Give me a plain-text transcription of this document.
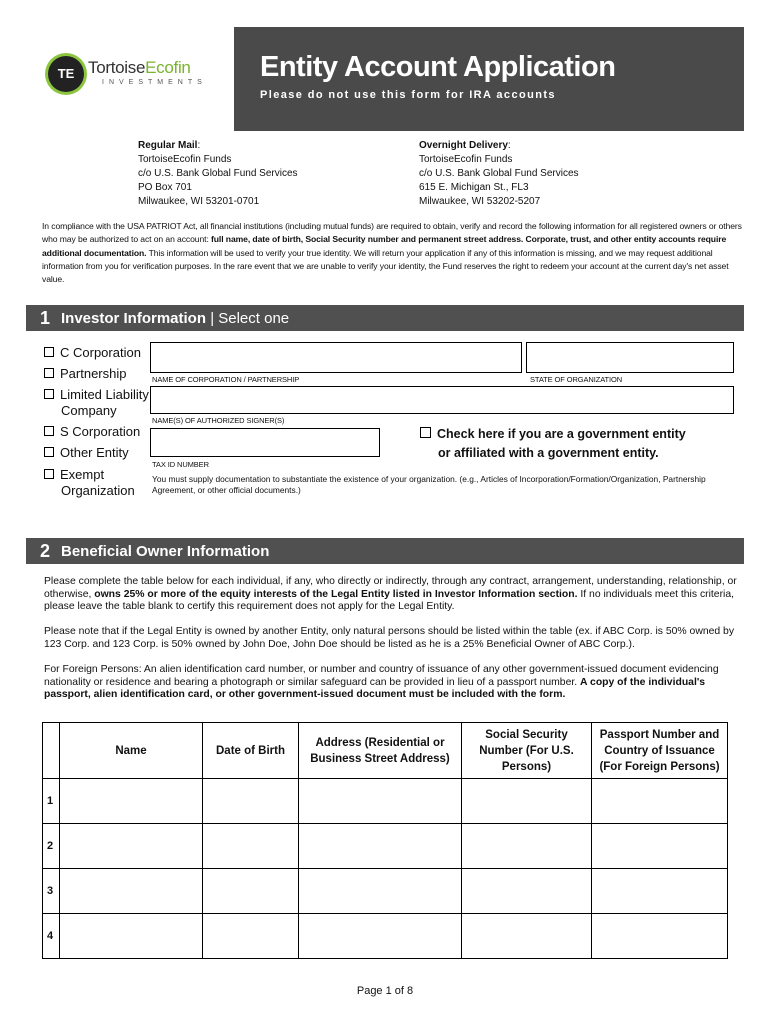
TE TortoiseEcofin
INVESTMENTS Entity Account Application
Please do not use this form for IRA accounts
Regular Mail:
TortoiseEcofin Funds
c/o U.S. Bank Global Fund Services
PO Box 701
Milwaukee, WI 53201-0701
Overnight Delivery:
TortoiseEcofin Funds
c/o U.S. Bank Global Fund Services
615 E. Michigan St., FL3
Milwaukee, WI 53202-5207
In compliance with the USA PATRIOT Act, all financial institutions (including mutual funds) are required to obtain, verify and record the following information for all registered owners or others who may be authorized to act on an account: full name, date of birth, Social Security number and permanent street address. Corporate, trust, and other entity accounts require additional documentation. This information will be used to verify your true identity. We will return your application if any of this information is missing, and we may request additional information from you for verification purposes. In the rare event that we are unable to verify your identity, the Fund reserves the right to redeem your account at the current day's net asset value.
1 Investor Information | Select one
C Corporation
Partnership
Limited Liability
Company
S Corporation
Other Entity
Exempt
Organization
NAME OF CORPORATION / PARTNERSHIP	STATE OF ORGANIZATION
NAME(S) OF AUTHORIZED SIGNER(S)
TAX ID NUMBER
Check here if you are a government entity
or affiliated with a government entity.
You must supply documentation to substantiate the existence of your organization. (e.g., Articles of Incorporation/Formation/Organization, Partnership Agreement, or other official documents.)
2 Beneficial Owner Information
Please complete the table below for each individual, if any, who directly or indirectly, through any contract, arrangement, understanding, relationship, or otherwise, owns 25% or more of the equity interests of the Legal Entity listed in Investor Information section. If no individuals meet this criteria, please leave the table blank to certify this requirement does not apply for the Legal Entity.
Please note that if the Legal Entity is owned by another Entity, only natural persons should be listed within the table (ex. if ABC Corp. is 50% owned by 123 Corp. and 123 Corp. is 50% owned by John Doe, John Doe should be listed as he is a 25% Beneficial Owner of ABC Corp.).
For Foreign Persons: An alien identification card number, or number and country of issuance of any other government-issued document evidencing nationality or residence and bearing a photograph or similar safeguard can be provided in lieu of a passport number. A copy of the individual's passport, alien identification card, or other government-issued document must be included with the form.
	Name	Date of Birth	Address (Residential or Business Street Address)	Social Security Number (For U.S. Persons)	Passport Number and Country of Issuance (For Foreign Persons)
1					
2					
3					
4					
Page 1 of 8
